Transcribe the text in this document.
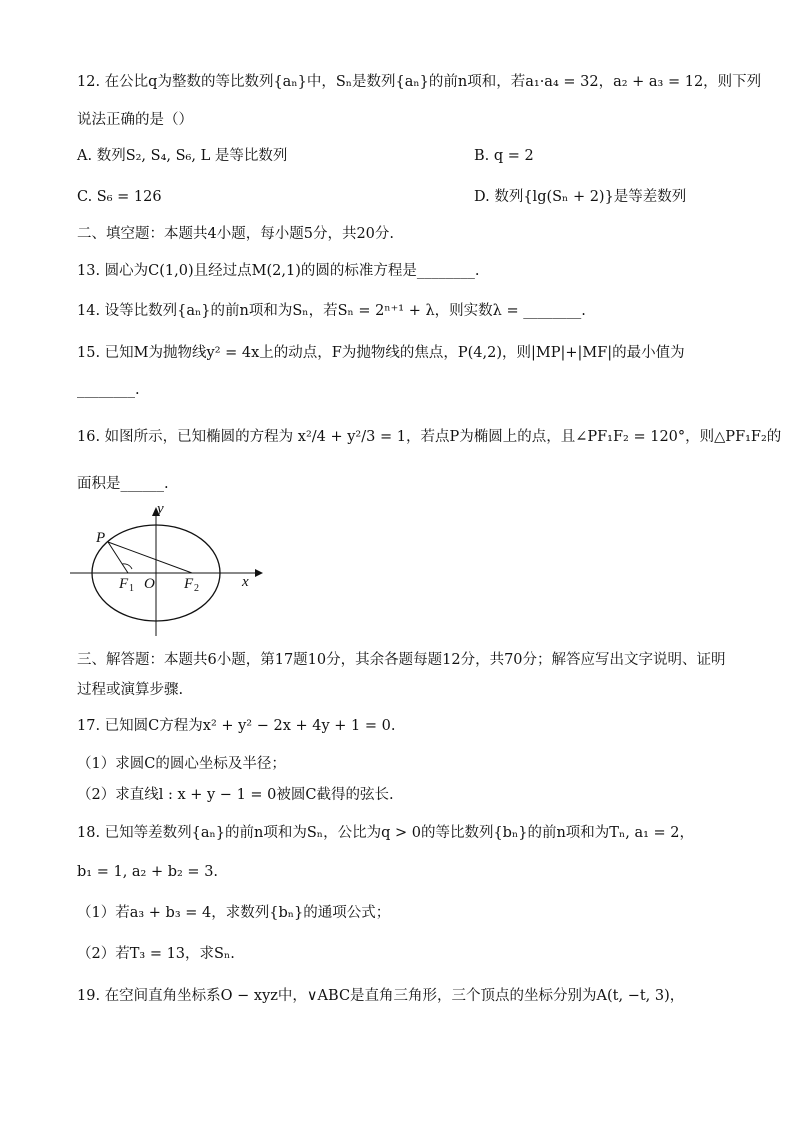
12. 在公比q为整数的等比数列{aₙ}中，Sₙ是数列{aₙ}的前n项和，若a₁·a₄ = 32，a₂ + a₃ = 12，则下列
说法正确的是（）
A. 数列S₂, S₄, S₆, L 是等比数列	B. q = 2
C. S₆ = 126	D. 数列{lg(Sₙ + 2)}是等差数列
二、填空题：本题共4小题，每小题5分，共20分.
13. 圆心为C(1,0)且经过点M(2,1)的圆的标准方程是________.
14. 设等比数列{aₙ}的前n项和为Sₙ，若Sₙ = 2ⁿ⁺¹ + λ，则实数λ = ________.
15. 已知M为抛物线y² = 4x上的动点，F为抛物线的焦点，P(4,2)，则|MP|+|MF|的最小值为
________.
16. 如图所示，已知椭圆的方程为 x²/4 + y²/3 = 1，若点P为椭圆上的点，且∠PF₁F₂ = 120°，则△PF₁F₂的
面积是______.
y
x
P
O
F 1	F 2
三、解答题：本题共6小题，第17题10分，其余各题每题12分，共70分；解答应写出文字说明、证明
过程或演算步骤.
17. 已知圆C方程为x² + y² − 2x + 4y + 1 = 0.
（1）求圆C的圆心坐标及半径；
（2）求直线l : x + y − 1 = 0被圆C截得的弦长.
18. 已知等差数列{aₙ}的前n项和为Sₙ，公比为q > 0的等比数列{bₙ}的前n项和为Tₙ, a₁ = 2，
b₁ = 1, a₂ + b₂ = 3.
（1）若a₃ + b₃ = 4，求数列{bₙ}的通项公式；
（2）若T₃ = 13，求Sₙ.
19. 在空间直角坐标系O − xyz中，∨ABC是直角三角形，三个顶点的坐标分别为A(t, −t, 3)，
